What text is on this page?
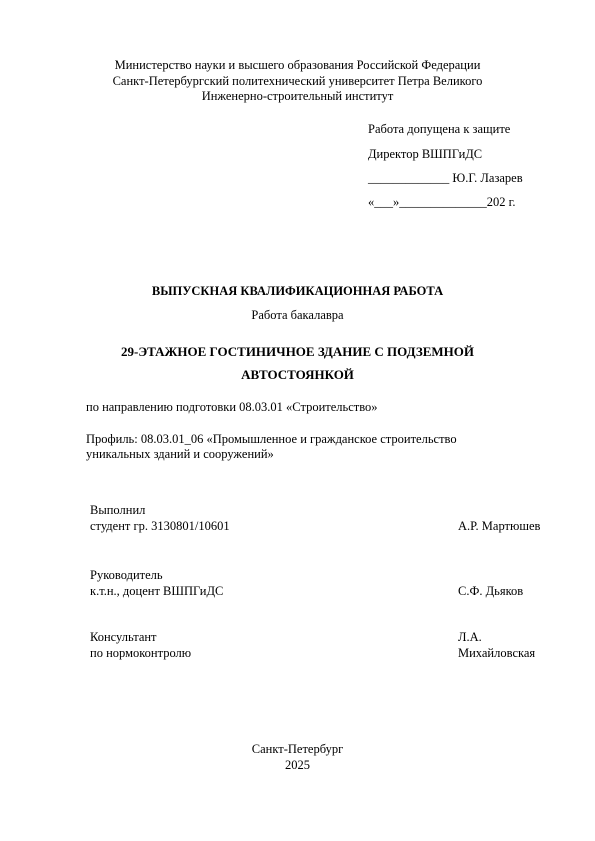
Министерство науки и высшего образования Российской Федерации
Санкт-Петербургский политехнический университет Петра Великого
Инженерно-строительный институт
Работа допущена к защите
Директор ВШПГиДС
_____________ Ю.Г. Лазарев
«___»______________202 г.
ВЫПУСКНАЯ КВАЛИФИКАЦИОННАЯ РАБОТА
Работа бакалавра
29-ЭТАЖНОЕ ГОСТИНИЧНОЕ ЗДАНИЕ С ПОДЗЕМНОЙ
АВТОСТОЯНКОЙ
по направлению подготовки 08.03.01 «Строительство»
Профиль: 08.03.01_06 «Промышленное и гражданское строительство
уникальных зданий и сооружений»
Выполнил
студент гр. 3130801/10601	А.Р. Мартюшев
Руководитель
к.т.н., доцент ВШПГиДС	С.Ф. Дьяков
Консультант
по нормоконтролю
Л.А.
Михайловская
Санкт-Петербург
2025
